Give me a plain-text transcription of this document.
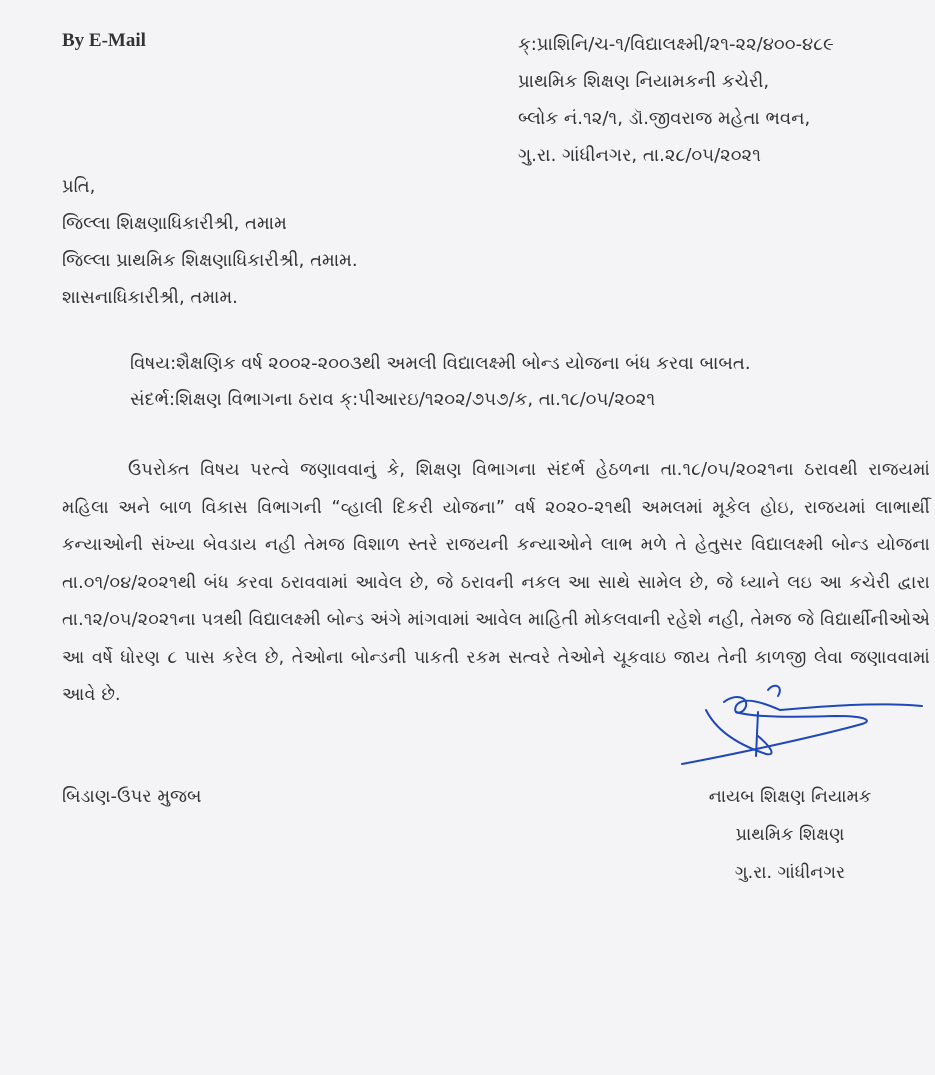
By E-Mail	ક્:પ્રાશિનિ/ચ-૧/વિદ્યાલક્ષ્મી/૨૧-૨૨/૪૦૦-૪૮૯
પ્રાથમિક શિક્ષણ નિયામકની કચેરી,
બ્લોક નં.૧૨/૧, ડૉ.જીવરાજ મહેતા ભવન,
ગુ.રા. ગાંધીનગર, તા.૨૮/૦૫/૨૦૨૧
પ્રતિ,
જિલ્લા શિક્ષણાધિકારીશ્રી, તમામ
જિલ્લા પ્રાથમિક શિક્ષણાધિકારીશ્રી, તમામ.
શાસનાધિકારીશ્રી, તમામ.
વિષય:શૈક્ષણિક વર્ષ ૨૦૦૨-૨૦૦૩થી અમલી વિદ્યાલક્ષ્મી બોન્ડ યોજના બંધ કરવા બાબત.
સંદર્ભ:શિક્ષણ વિભાગના ઠરાવ ક્:પીઆરઇ/૧૨૦૨/૭૫૭/ક, તા.૧૮/૦૫/૨૦૨૧
ઉપરોક્ત વિષય પરત્વે જણાવવાનું કે, શિક્ષણ વિભાગના સંદર્ભ હેઠળના તા.૧૮/૦૫/૨૦૨૧ના ઠરાવથી રાજયમાં મહિલા અને બાળ વિકાસ વિભાગની “વ્હાલી દિકરી યોજના” વર્ષ ૨૦૨૦-૨૧થી અમલમાં મૂકેલ હોઇ, રાજયમાં લાભાર્થી કન્યાઓની સંખ્યા બેવડાય નહી તેમજ વિશાળ સ્તરે રાજયની કન્યાઓને લાભ મળે તે હેતુસર વિદ્યાલક્ષ્મી બોન્ડ યોજના તા.૦૧/૦૪/૨૦૨૧થી બંધ કરવા ઠરાવવામાં આવેલ છે, જે ઠરાવની નકલ આ સાથે સામેલ છે, જે ધ્યાને લઇ આ કચેરી દ્વારા તા.૧૨/૦૫/૨૦૨૧ના પત્રથી વિદ્યાલક્ષ્મી બોન્ડ અંગે માંગવામાં આવેલ માહિતી મોકલવાની રહેશે નહી, તેમજ જે વિદ્યાર્થીનીઓએ આ વર્ષે ધોરણ ૮ પાસ કરેલ છે, તેઓના બોન્ડની પાકતી રકમ સત્વરે તેઓને ચૂકવાઇ જાય તેની કાળજી લેવા જણાવવામાં આવે છે.
બિડાણ-ઉપર મુજબ	નાયબ શિક્ષણ નિયામક
પ્રાથમિક શિક્ષણ
ગુ.રા. ગાંધીનગર
